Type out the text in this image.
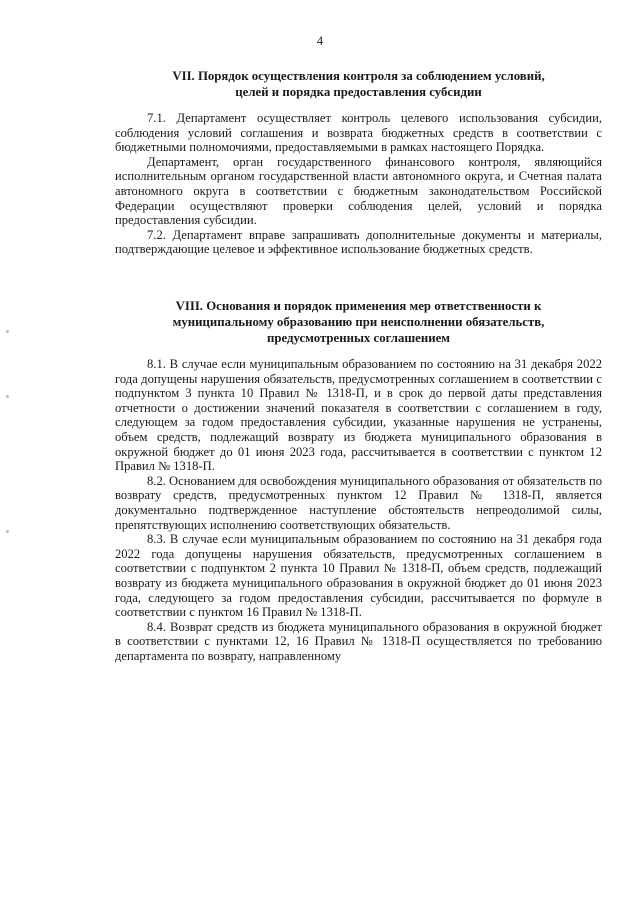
4

VII. Порядок осуществления контроля за соблюдением условий,

целей и порядка предоставления субсидии

7.1. Департамент осуществляет контроль целевого использования субсидии, соблюдения условий соглашения и возврата бюджетных средств в соответствии с бюджетными полномочиями, предоставляемыми в рамках настоящего Порядка.

Департамент, орган государственного финансового контроля, являющийся исполнительным органом государственной власти автономного округа, и Счетная палата автономного округа в соответствии с бюджетным законодательством Российской Федерации осуществляют проверки соблюдения целей, условий и порядка предоставления субсидии.

7.2. Департамент вправе запрашивать дополнительные документы и материалы, подтверждающие целевое и эффективное использование бюджетных средств.

VIII. Основания и порядок применения мер ответственности к

муниципальному образованию при неисполнении обязательств,

предусмотренных соглашением

8.1. В случае если муниципальным образованием по состоянию на 31 декабря 2022 года допущены нарушения обязательств, предусмотренных соглашением в соответствии с подпунктом 3 пункта 10 Правил № 1318-П, и в срок до первой даты представления отчетности о достижении значений показателя в соответствии с соглашением в году, следующем за годом предоставления субсидии, указанные нарушения не устранены, объем средств, подлежащий возврату из бюджета муниципального образования в окружной бюджет до 01 июня 2023 года, рассчитывается в соответствии с пунктом 12 Правил № 1318-П.

8.2. Основанием для освобождения муниципального образования от обязательств по возврату средств, предусмотренных пунктом 12 Правил № 1318-П, является документально подтвержденное наступление обстоятельств непреодолимой силы, препятствующих исполнению соответствующих обязательств.

8.3. В случае если муниципальным образованием по состоянию на 31 декабря года 2022 года допущены нарушения обязательств, предусмотренных соглашением в соответствии с подпунктом 2 пункта 10 Правил № 1318-П, объем средств, подлежащий возврату из бюджета муниципального образования в окружной бюджет до 01 июня 2023 года, следующего за годом предоставления субсидии, рассчитывается по формуле в соответствии с пунктом 16 Правил № 1318-П.

8.4. Возврат средств из бюджета муниципального образования в окружной бюджет в соответствии с пунктами 12, 16 Правил № 1318-П осуществляется по требованию департамента по возврату, направленному
